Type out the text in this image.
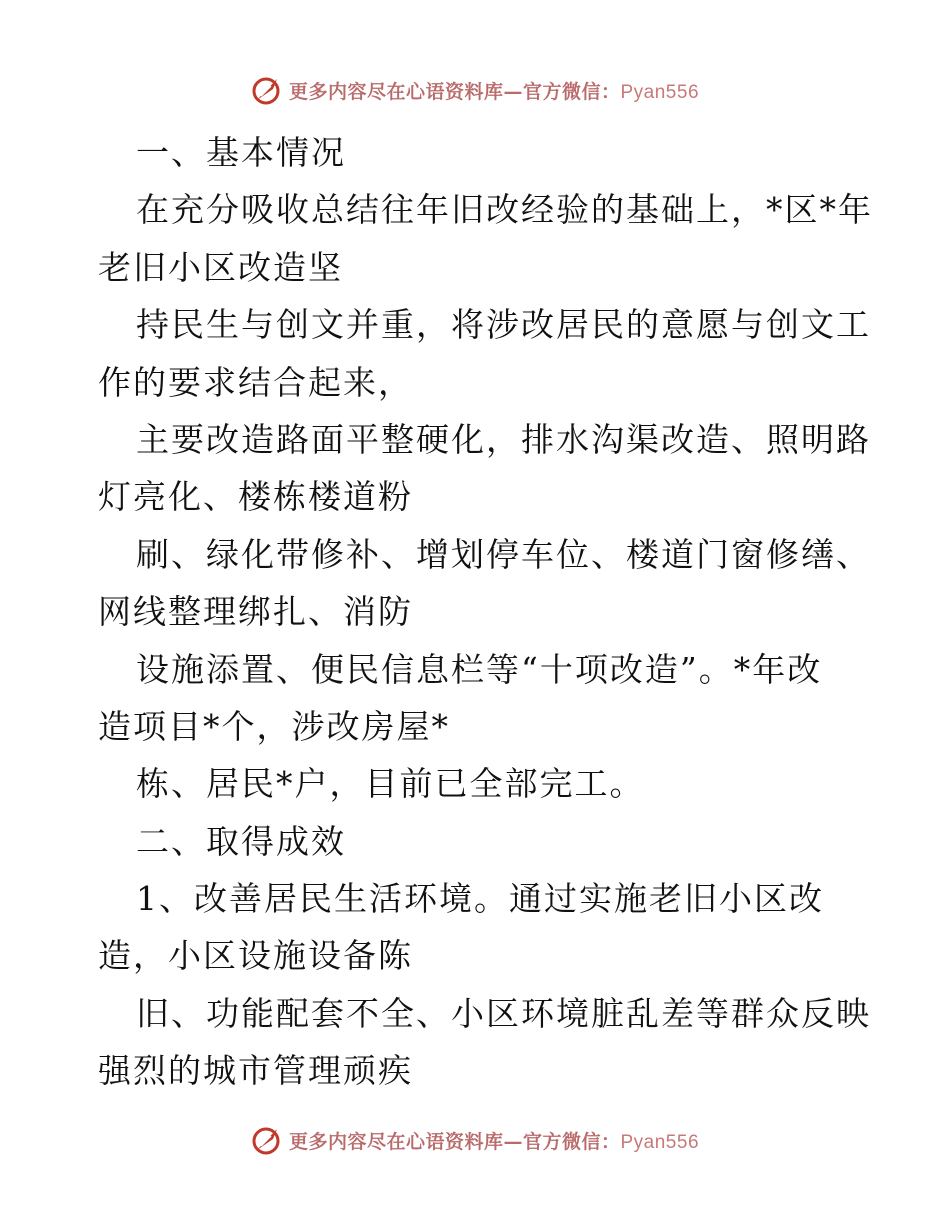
更多内容尽在心语资料库—官方微信：Pyan556
一、基本情况
在充分吸收总结往年旧改经验的基础上，*区*年
老旧小区改造坚
持民生与创文并重，将涉改居民的意愿与创文工
作的要求结合起来，
主要改造路面平整硬化，排水沟渠改造、照明路
灯亮化、楼栋楼道粉
刷、绿化带修补、增划停车位、楼道门窗修缮、
网线整理绑扎、消防
设施添置、便民信息栏等“十项改造”。*年改
造项目*个，涉改房屋*
栋、居民*户，目前已全部完工。
二、取得成效
1、改善居民生活环境。通过实施老旧小区改
造，小区设施设备陈
旧、功能配套不全、小区环境脏乱差等群众反映
强烈的城市管理顽疾
更多内容尽在心语资料库—官方微信：Pyan556
